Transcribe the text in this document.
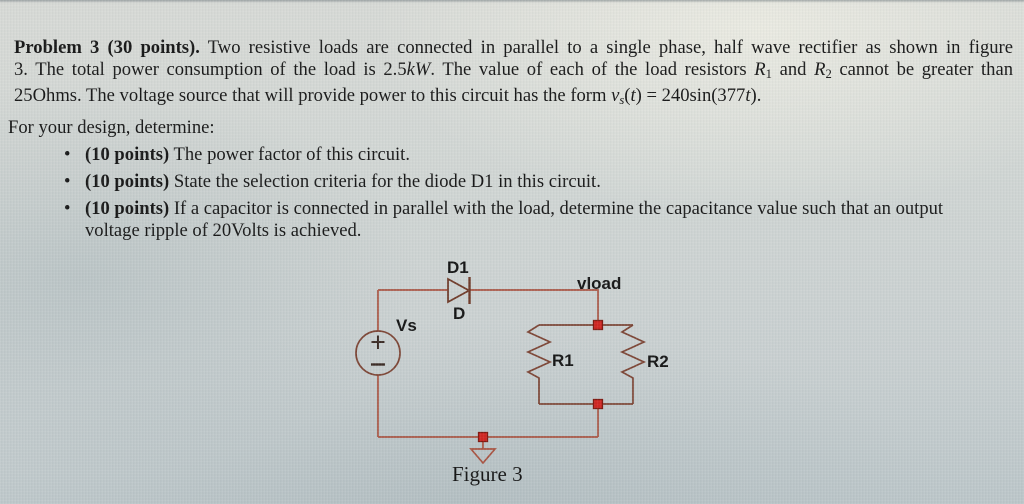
Problem 3 (30 points). Two resistive loads are connected in parallel to a single phase, half wave rectifier as shown in figure
3. The total power consumption of the load is 2.5kW. The value of each of the load resistors R1 and R2 cannot be greater than
25Ohms. The voltage source that will provide power to this circuit has the form vs(t) = 240sin(377t).
For your design, determine:
• (10 points) The power factor of this circuit.
• (10 points) State the selection criteria for the diode D1 in this circuit.
• (10 points) If a capacitor is connected in parallel with the load, determine the capacitance value such that an output
voltage ripple of 20Volts is achieved.
D1
D
vload
Vs
R1	R2
Figure 3
